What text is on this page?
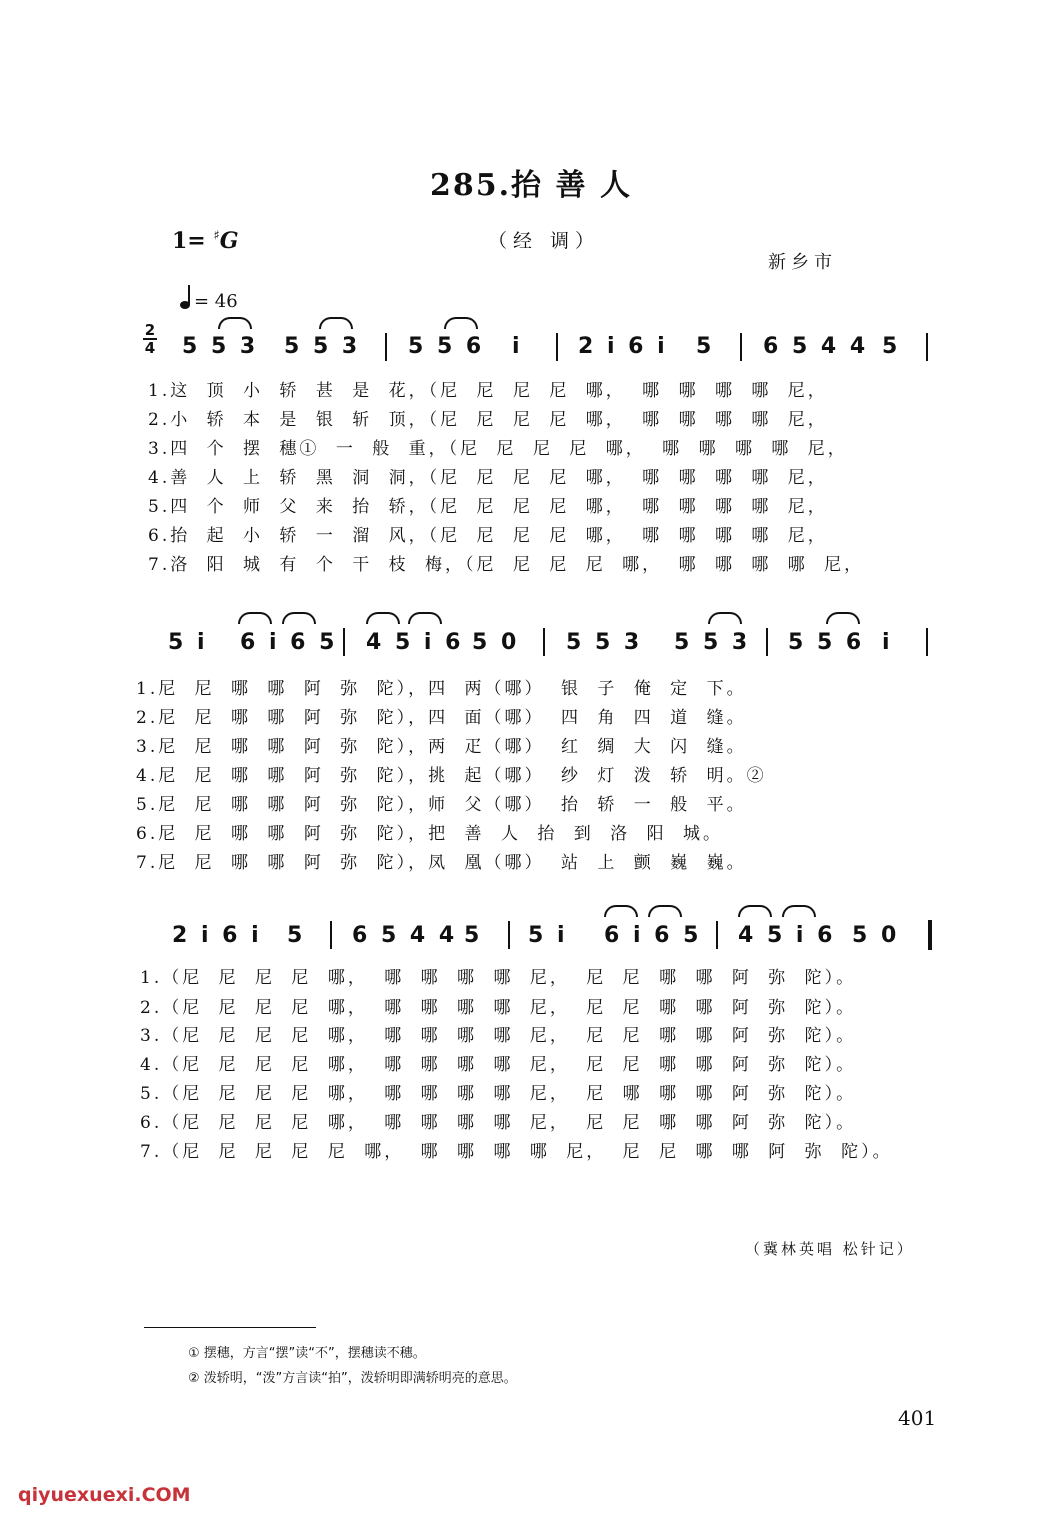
285.抬 善 人
1= ♯G	（经 调）
新乡市
= 46
2
4 5 5 3 5 5 3 5 5 6 i	2 i 6 i 5 6 5 4 4 5
1.这 顶 小 轿 甚 是 花，（尼 尼 尼 尼 哪， 哪 哪 哪 哪 尼，
2.小 轿 本 是 银 斩 顶，（尼 尼 尼 尼 哪， 哪 哪 哪 哪 尼，
3.四 个 摆 穗① 一 般 重，（尼 尼 尼 尼 哪， 哪 哪 哪 哪 尼，
4.善 人 上 轿 黑 洞 洞，（尼 尼 尼 尼 哪， 哪 哪 哪 哪 尼，
5.四 个 师 父 来 抬 轿，（尼 尼 尼 尼 哪， 哪 哪 哪 哪 尼，
6.抬 起 小 轿 一 溜 风，（尼 尼 尼 尼 哪， 哪 哪 哪 哪 尼，
7.洛 阳 城 有 个 干 枝 梅，（尼 尼 尼 尼 哪， 哪 哪 哪 哪 尼，
5 i 6 i 6 5 4 5 i 6 5 0 5 5 3 5 5 3 5 5 6 i
1.尼 尼 哪 哪 阿 弥 陀），四 两（哪） 银 子 俺 定 下。
2.尼 尼 哪 哪 阿 弥 陀），四 面（哪） 四 角 四 道 缝。
3.尼 尼 哪 哪 阿 弥 陀），两 疋（哪） 红 绸 大 闪 缝。
4.尼 尼 哪 哪 阿 弥 陀），挑 起（哪） 纱 灯 泼 轿 明。②
5.尼 尼 哪 哪 阿 弥 陀），师 父（哪） 抬 轿 一 般 平。
6.尼 尼 哪 哪 阿 弥 陀），把 善 人 抬 到 洛 阳 城。
7.尼 尼 哪 哪 阿 弥 陀），凤 凰（哪） 站 上 颤 巍 巍。
2 i 6 i 5 6 5 4 4 5 5 i 6 i 6 5 4 5 i 6 5 0
1.（尼 尼 尼 尼 哪， 哪 哪 哪 哪 尼， 尼 尼 哪 哪 阿 弥 陀）。
2.（尼 尼 尼 尼 哪， 哪 哪 哪 哪 尼， 尼 尼 哪 哪 阿 弥 陀）。
3.（尼 尼 尼 尼 哪， 哪 哪 哪 哪 尼， 尼 尼 哪 哪 阿 弥 陀）。
4.（尼 尼 尼 尼 哪， 哪 哪 哪 哪 尼， 尼 尼 哪 哪 阿 弥 陀）。
5.（尼 尼 尼 尼 哪， 哪 哪 哪 哪 尼， 尼 哪 哪 哪 阿 弥 陀）。
6.（尼 尼 尼 尼 哪， 哪 哪 哪 哪 尼， 尼 尼 哪 哪 阿 弥 陀）。
7.（尼 尼 尼 尼 尼 哪， 哪 哪 哪 哪 尼， 尼 尼 哪 哪 阿 弥 陀）。
（冀林英唱 松针记）
① 摆穗，方言“摆”读“不”，摆穗读不穗。
② 泼轿明，“泼”方言读“拍”，泼轿明即满轿明亮的意思。
401
qiyuexuexi.COM
